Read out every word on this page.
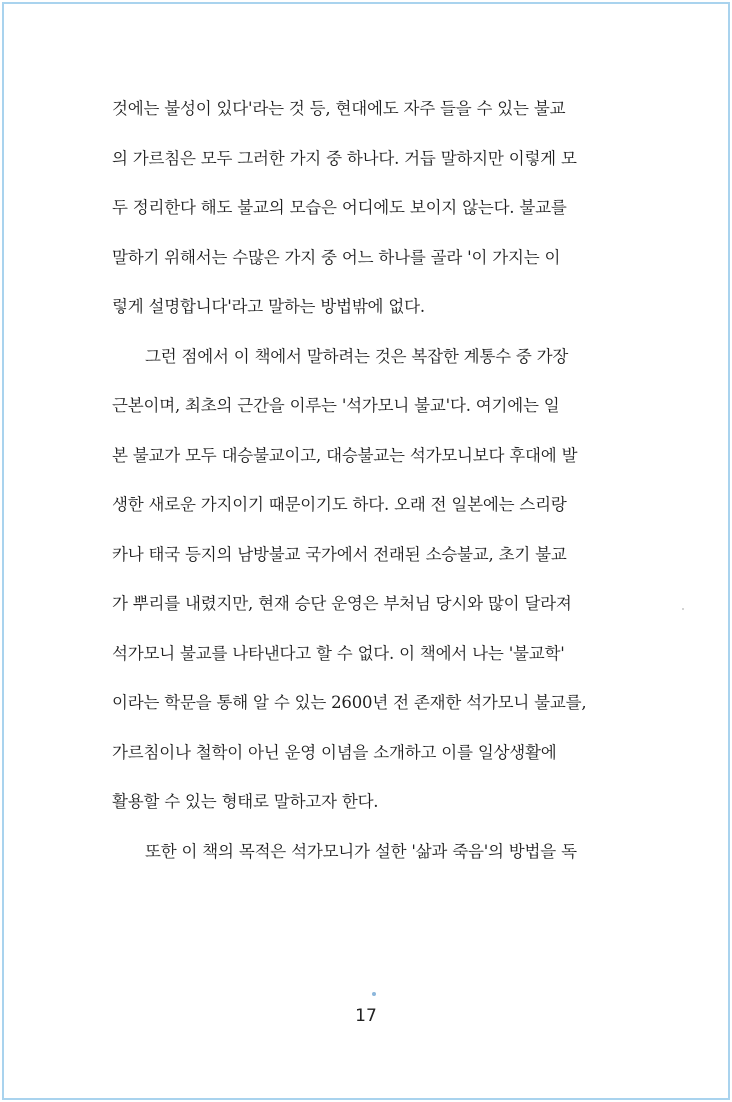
것에는 불성이 있다'라는 것 등, 현대에도 자주 들을 수 있는 불교
의 가르침은 모두 그러한 가지 중 하나다. 거듭 말하지만 이렇게 모
두 정리한다 해도 불교의 모습은 어디에도 보이지 않는다. 불교를
말하기 위해서는 수많은 가지 중 어느 하나를 골라 '이 가지는 이
렇게 설명합니다'라고 말하는 방법밖에 없다.

그런 점에서 이 책에서 말하려는 것은 복잡한 계통수 중 가장
근본이며, 최초의 근간을 이루는 '석가모니 불교'다. 여기에는 일
본 불교가 모두 대승불교이고, 대승불교는 석가모니보다 후대에 발
생한 새로운 가지이기 때문이기도 하다. 오래 전 일본에는 스리랑
카나 태국 등지의 남방불교 국가에서 전래된 소승불교, 초기 불교
가 뿌리를 내렸지만, 현재 승단 운영은 부처님 당시와 많이 달라져
석가모니 불교를 나타낸다고 할 수 없다. 이 책에서 나는 '불교학'
이라는 학문을 통해 알 수 있는 2600년 전 존재한 석가모니 불교를,
가르침이나 철학이 아닌 운영 이념을 소개하고 이를 일상생활에
활용할 수 있는 형태로 말하고자 한다.

또한 이 책의 목적은 석가모니가 설한 '삶과 죽음'의 방법을 독

17
